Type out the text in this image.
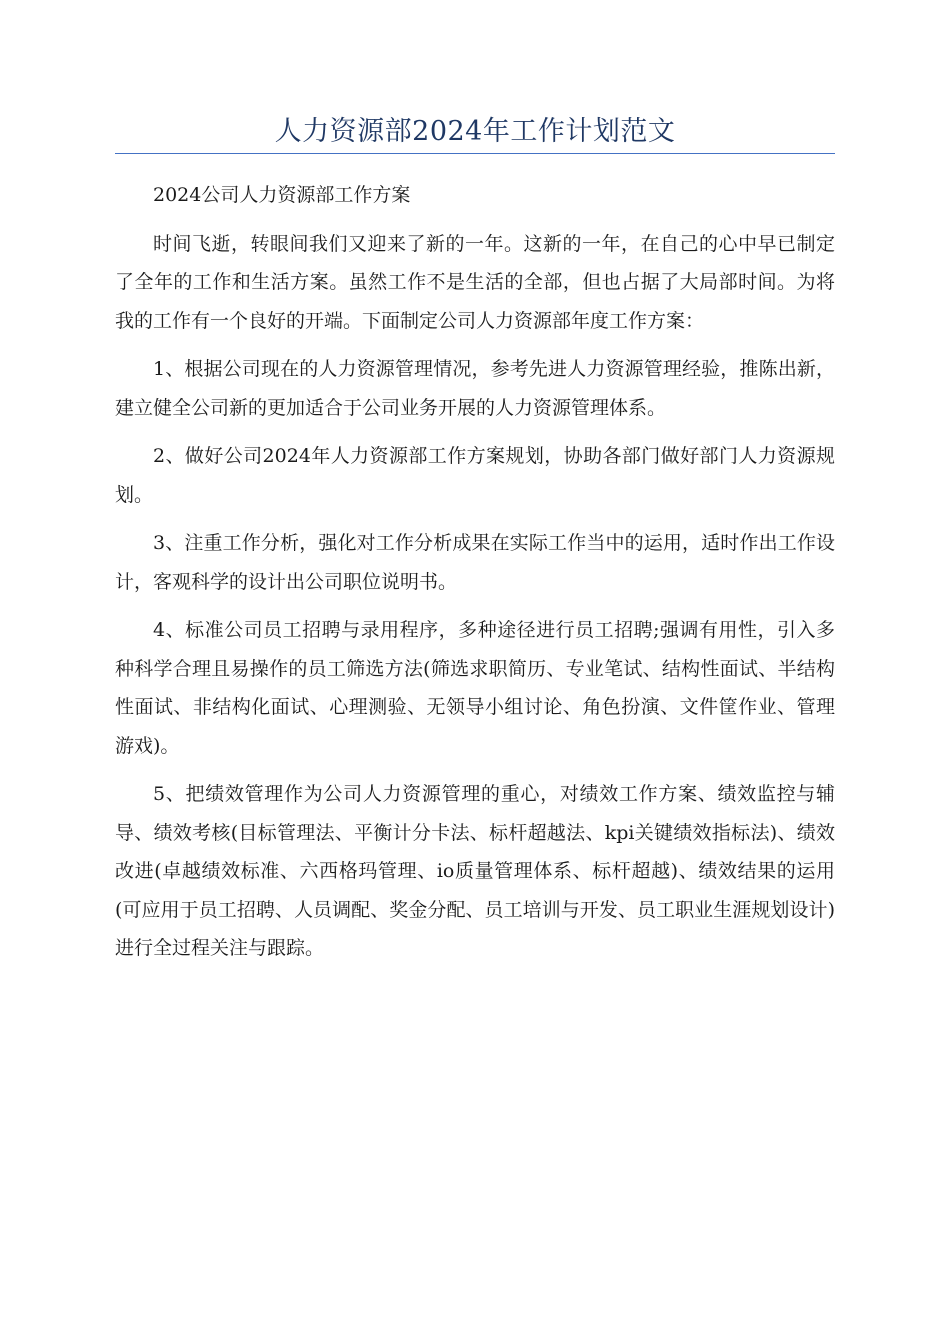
人力资源部2024年工作计划范文

2024公司人力资源部工作方案

时间飞逝，转眼间我们又迎来了新的一年。这新的一年，在自己的心中早已制定了全年的工作和生活方案。虽然工作不是生活的全部，但也占据了大局部时间。为将我的工作有一个良好的开端。下面制定公司人力资源部年度工作方案：

1、根据公司现在的人力资源管理情况，参考先进人力资源管理经验，推陈出新，建立健全公司新的更加适合于公司业务开展的人力资源管理体系。

2、做好公司2024年人力资源部工作方案规划，协助各部门做好部门人力资源规划。

3、注重工作分析，强化对工作分析成果在实际工作当中的运用，适时作出工作设计，客观科学的设计出公司职位说明书。

4、标准公司员工招聘与录用程序，多种途径进行员工招聘;强调有用性，引入多种科学合理且易操作的员工筛选方法(筛选求职简历、专业笔试、结构性面试、半结构性面试、非结构化面试、心理测验、无领导小组讨论、角色扮演、文件筐作业、管理游戏)。

5、把绩效管理作为公司人力资源管理的重心，对绩效工作方案、绩效监控与辅导、绩效考核(目标管理法、平衡计分卡法、标杆超越法、kpi关键绩效指标法)、绩效改进(卓越绩效标准、六西格玛管理、io质量管理体系、标杆超越)、绩效结果的运用(可应用于员工招聘、人员调配、奖金分配、员工培训与开发、员工职业生涯规划设计)进行全过程关注与跟踪。
